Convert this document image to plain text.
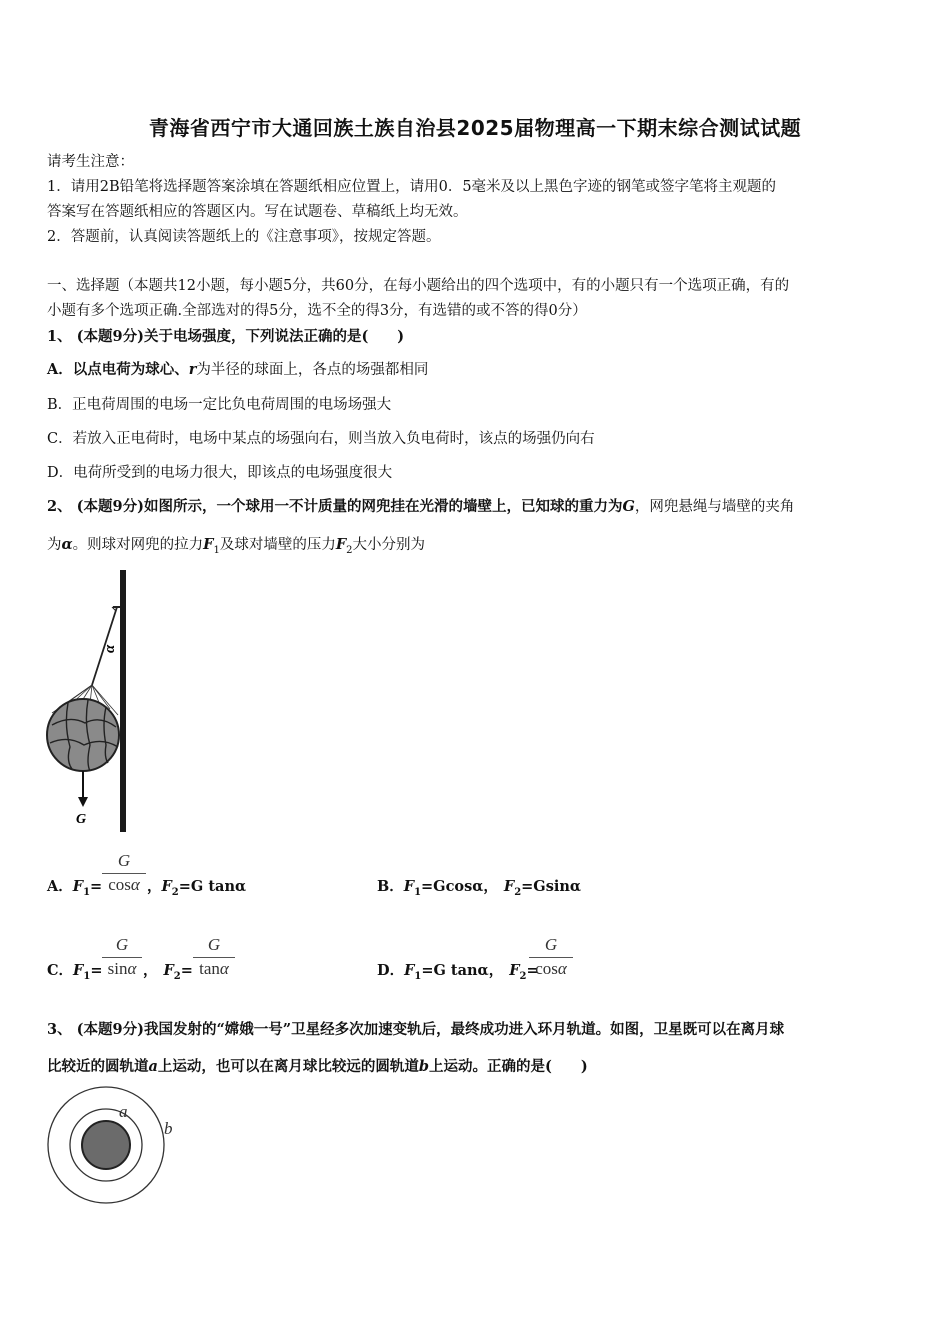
青海省西宁市大通回族土族自治县2025届物理高一下期末综合测试试题
请考生注意：
1．请用2B铅笔将选择题答案涂填在答题纸相应位置上，请用0．5毫米及以上黑色字迹的钢笔或签字笔将主观题的
答案写在答题纸相应的答题区内。写在试题卷、草稿纸上均无效。
2．答题前，认真阅读答题纸上的《注意事项》，按规定答题。
一、选择题（本题共12小题，每小题5分，共60分，在每小题给出的四个选项中，有的小题只有一个选项正确，有的
小题有多个选项正确.全部选对的得5分，选不全的得3分，有选错的或不答的得0分）
1、 (本题9分)关于电场强度，下列说法正确的是(　　)
A．以点电荷为球心、r为半径的球面上，各点的场强都相同
B．正电荷周围的电场一定比负电荷周围的电场场强大
C．若放入正电荷时，电场中某点的场强向右，则当放入负电荷时，该点的场强仍向右
D．电荷所受到的电场力很大，即该点的电场强度很大
2、 (本题9分)如图所示，一个球用一不计质量的网兜挂在光滑的墙壁上，已知球的重力为G，网兜悬绳与墙壁的夹角
为α。则球对网兜的拉力$F_1$及球对墙壁的压力$F_2$大小分别为
α
G
A．$F_1=$
G
cosα ，$F_2=G$ tanα	B．$F_1=Gcos\alpha$， $F_2=Gsin\alpha$
C．$F_1=$
G
sinα ， $F_2=$
G
tanα	D．$F_1=G$ tanα， $F_2=$
G
cosα
3、 (本题9分)我国发射的“嫦娥一号”卫星经多次加速变轨后，最终成功进入环月轨道。如图，卫星既可以在离月球
比较近的圆轨道a上运动，也可以在离月球比较远的圆轨道b上运动。正确的是(　　)
a
b
